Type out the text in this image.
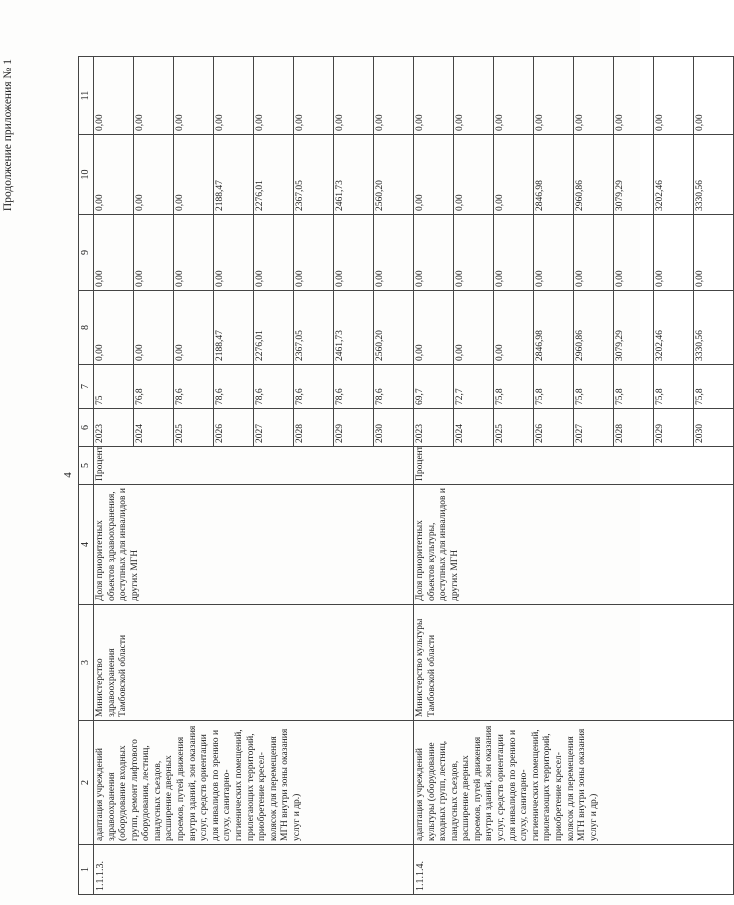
4
Продолжение приложения № 1
1	2	3	4	5	6	7	8	9	10	11	
1.1.1.3.	адаптация учреждений здравоохранения (оборудование входных групп, ремонт лифтового оборудования, лестниц, пандусных съездов, расширение дверных проемов, путей движения внутри зданий, зон оказания услуг, средств ориентации для инвалидов по зрению и слуху, санитарно-гигиенических помещений, прилегающих территорий, приобретение кресел-колясок для перемещения МГН внутри зоны оказания услуг и др.)	Министерство здравоохранения Тамбовской области	Доля приоритетных объектов здравоохранения, доступных для инвалидов и других МГН	Процент	2023	75	0,00	0,00	0,00	0,00	
					2024	76,8	0,00	0,00	0,00	0,00	
					2025	78,6	0,00	0,00	0,00	0,00	
					2026	78,6	2188,47	0,00	2188,47	0,00	
					2027	78,6	2276,01	0,00	2276,01	0,00	
					2028	78,6	2367,05	0,00	2367,05	0,00	
					2029	78,6	2461,73	0,00	2461,73	0,00	
					2030	78,6	2560,20	0,00	2560,20	0,00	
1.1.1.4.	адаптация учреждений культуры (оборудование входных групп, лестниц, пандусных съездов, расширение дверных проемов, путей движения внутри зданий, зон оказания услуг, средств ориентации для инвалидов по зрению и слуху, санитарно-гигиенических помещений, прилегающих территорий, приобретение кресел-колясок для перемещения МГН внутри зоны оказания услуг и др.)	Министерство культуры Тамбовской области	Доля приоритетных объектов культуры, доступных для инвалидов и других МГН	Процент	2023	69,7	0,00	0,00	0,00	0,00	
					2024	72,7	0,00	0,00	0,00	0,00	
					2025	75,8	0,00	0,00	0,00	0,00	
					2026	75,8	2846,98	0,00	2846,98	0,00	
					2027	75,8	2960,86	0,00	2960,86	0,00	
					2028	75,8	3079,29	0,00	3079,29	0,00	
					2029	75,8	3202,46	0,00	3202,46	0,00	
					2030	75,8	3330,56	0,00	3330,56	0,00	
